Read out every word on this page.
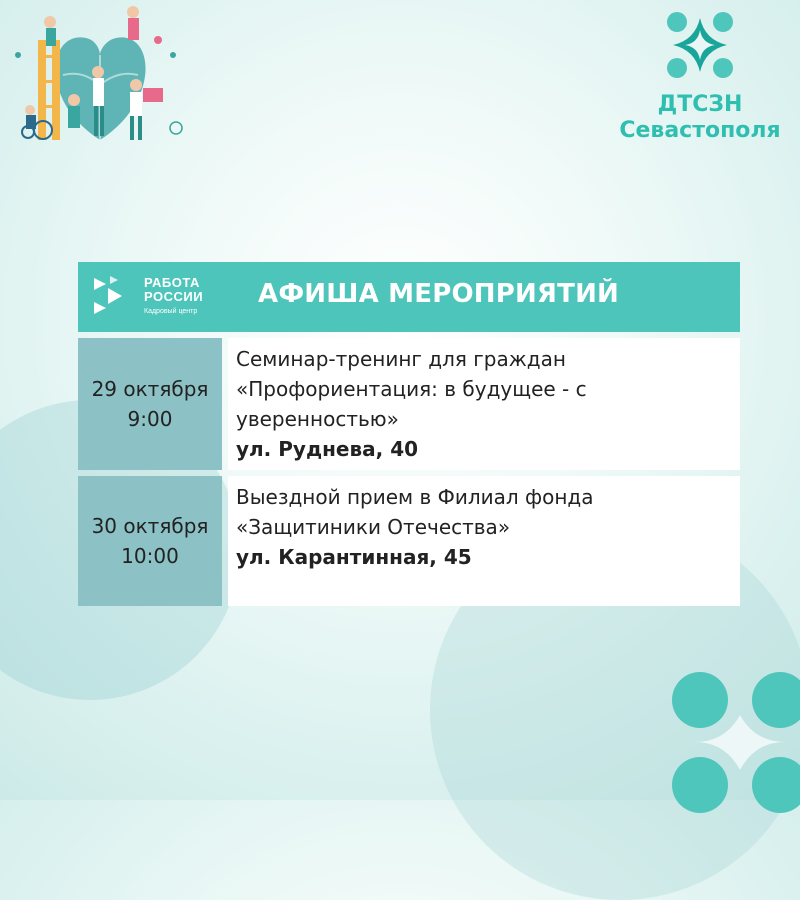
ДТСЗН
Севастополя
РАБОТА
РОССИИ
Кадровый центр
АФИША МЕРОПРИЯТИЙ
29 октября
9:00
Семинар-тренинг для граждан
«Профориентация: в будущее - с
уверенностью»
ул. Руднева, 40
30 октября
10:00
Выездной прием в Филиал фонда
«Защитиники Отечества»
ул. Карантинная, 45
